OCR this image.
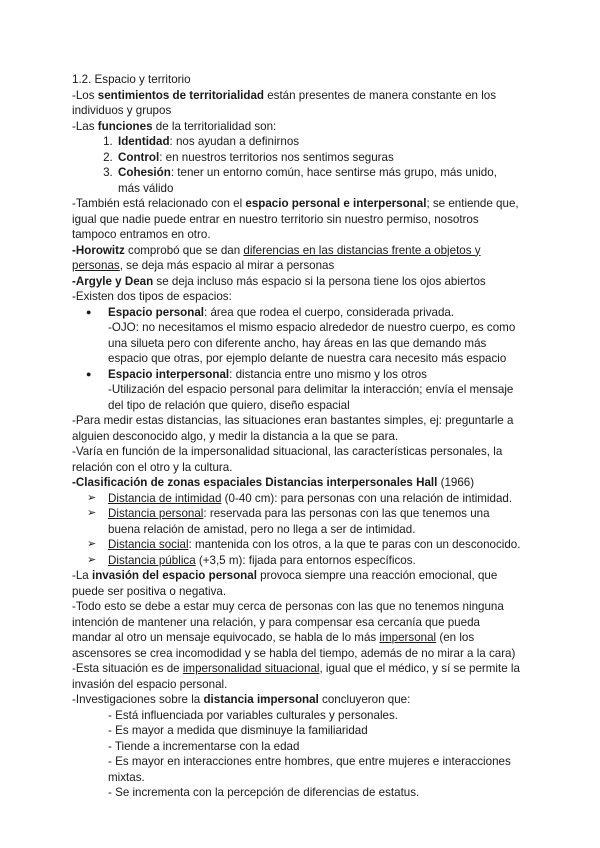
1.2. Espacio y territorio

-Los sentimientos de territorialidad están presentes de manera constante en los individuos y grupos

-Las funciones de la territorialidad son:

1. Identidad: nos ayudan a definirnos
2. Control: en nuestros territorios nos sentimos seguras
3. Cohesión: tener un entorno común, hace sentirse más grupo, más unido, más válido

-También está relacionado con el espacio personal e interpersonal; se entiende que, igual que nadie puede entrar en nuestro territorio sin nuestro permiso, nosotros tampoco entramos en otro.

-Horowitz comprobó que se dan diferencias en las distancias frente a objetos y personas, se deja más espacio al mirar a personas

-Argyle y Dean se deja incluso más espacio si la persona tiene los ojos abiertos

-Existen dos tipos de espacios:

● Espacio personal: área que rodea el cuerpo, considerada privada.
-OJO: no necesitamos el mismo espacio alrededor de nuestro cuerpo, es como una silueta pero con diferente ancho, hay áreas en las que demando más espacio que otras, por ejemplo delante de nuestra cara necesito más espacio
● Espacio interpersonal: distancia entre uno mismo y los otros
-Utilización del espacio personal para delimitar la interacción; envía el mensaje del tipo de relación que quiero, diseño espacial

-Para medir estas distancias, las situaciones eran bastantes simples, ej: preguntarle a alguien desconocido algo, y medir la distancia a la que se para.

-Varía en función de la impersonalidad situacional, las características personales, la relación con el otro y la cultura.

-Clasificación de zonas espaciales Distancias interpersonales Hall (1966)

➢ Distancia de intimidad (0-40 cm): para personas con una relación de intimidad.
➢ Distancia personal: reservada para las personas con las que tenemos una buena relación de amistad, pero no llega a ser de intimidad.
➢ Distancia social: mantenida con los otros, a la que te paras con un desconocido.
➢ Distancia pública (+3,5 m): fijada para entornos específicos.

-La invasión del espacio personal provoca siempre una reacción emocional, que puede ser positiva o negativa.

-Todo esto se debe a estar muy cerca de personas con las que no tenemos ninguna intención de mantener una relación, y para compensar esa cercanía que pueda mandar al otro un mensaje equivocado, se habla de lo más impersonal (en los ascensores se crea incomodidad y se habla del tiempo, además de no mirar a la cara)

-Esta situación es de impersonalidad situacional, igual que el médico, y sí se permite la invasión del espacio personal.

-Investigaciones sobre la distancia impersonal concluyeron que:

- Está influenciada por variables culturales y personales.

- Es mayor a medida que disminuye la familiaridad

- Tiende a incrementarse con la edad

- Es mayor en interacciones entre hombres, que entre mujeres e interacciones mixtas.

- Se incrementa con la percepción de diferencias de estatus.
